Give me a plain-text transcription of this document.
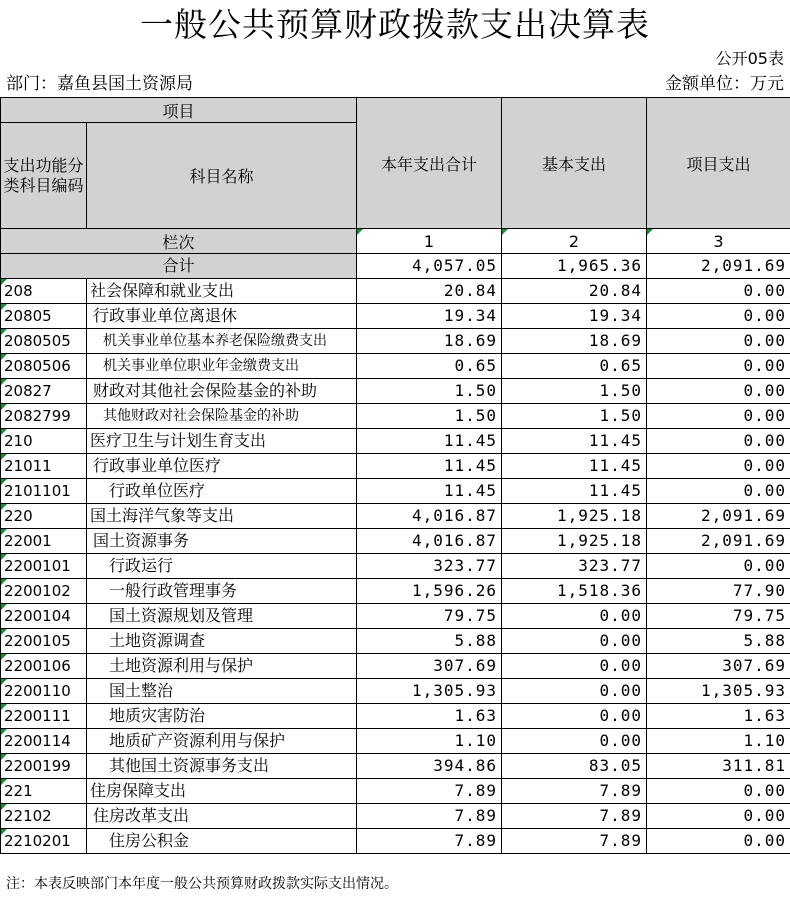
一般公共预算财政拨款支出决算表
公开05表
部门：嘉鱼县国土资源局	金额单位：万元
项目		本年支出合计	基本支出	项目支出
支出功能分类科目编码	科目名称			
栏次		1	2	3
合计		4,057.05	1,965.36	2,091.69

208	社会保障和就业支出	20.84	20.84	0.00

20805	行政事业单位离退休	19.34	19.34	0.00

2080505	机关事业单位基本养老保险缴费支出	18.69	18.69	0.00

2080506	机关事业单位职业年金缴费支出	0.65	0.65	0.00

20827	财政对其他社会保险基金的补助	1.50	1.50	0.00

2082799	其他财政对社会保险基金的补助	1.50	1.50	0.00

210	医疗卫生与计划生育支出	11.45	11.45	0.00

21011	行政事业单位医疗	11.45	11.45	0.00

2101101	行政单位医疗	11.45	11.45	0.00

220	国土海洋气象等支出	4,016.87	1,925.18	2,091.69

22001	国土资源事务	4,016.87	1,925.18	2,091.69

2200101	行政运行	323.77	323.77	0.00

2200102	一般行政管理事务	1,596.26	1,518.36	77.90

2200104	国土资源规划及管理	79.75	0.00	79.75

2200105	土地资源调查	5.88	0.00	5.88

2200106	土地资源利用与保护	307.69	0.00	307.69

2200110	国土整治	1,305.93	0.00	1,305.93

2200111	地质灾害防治	1.63	0.00	1.63

2200114	地质矿产资源利用与保护	1.10	0.00	1.10

2200199	其他国土资源事务支出	394.86	83.05	311.81

221	住房保障支出	7.89	7.89	0.00

22102	住房改革支出	7.89	7.89	0.00

2210201	住房公积金	7.89	7.89	0.00
注：本表反映部门本年度一般公共预算财政拨款实际支出情况。
